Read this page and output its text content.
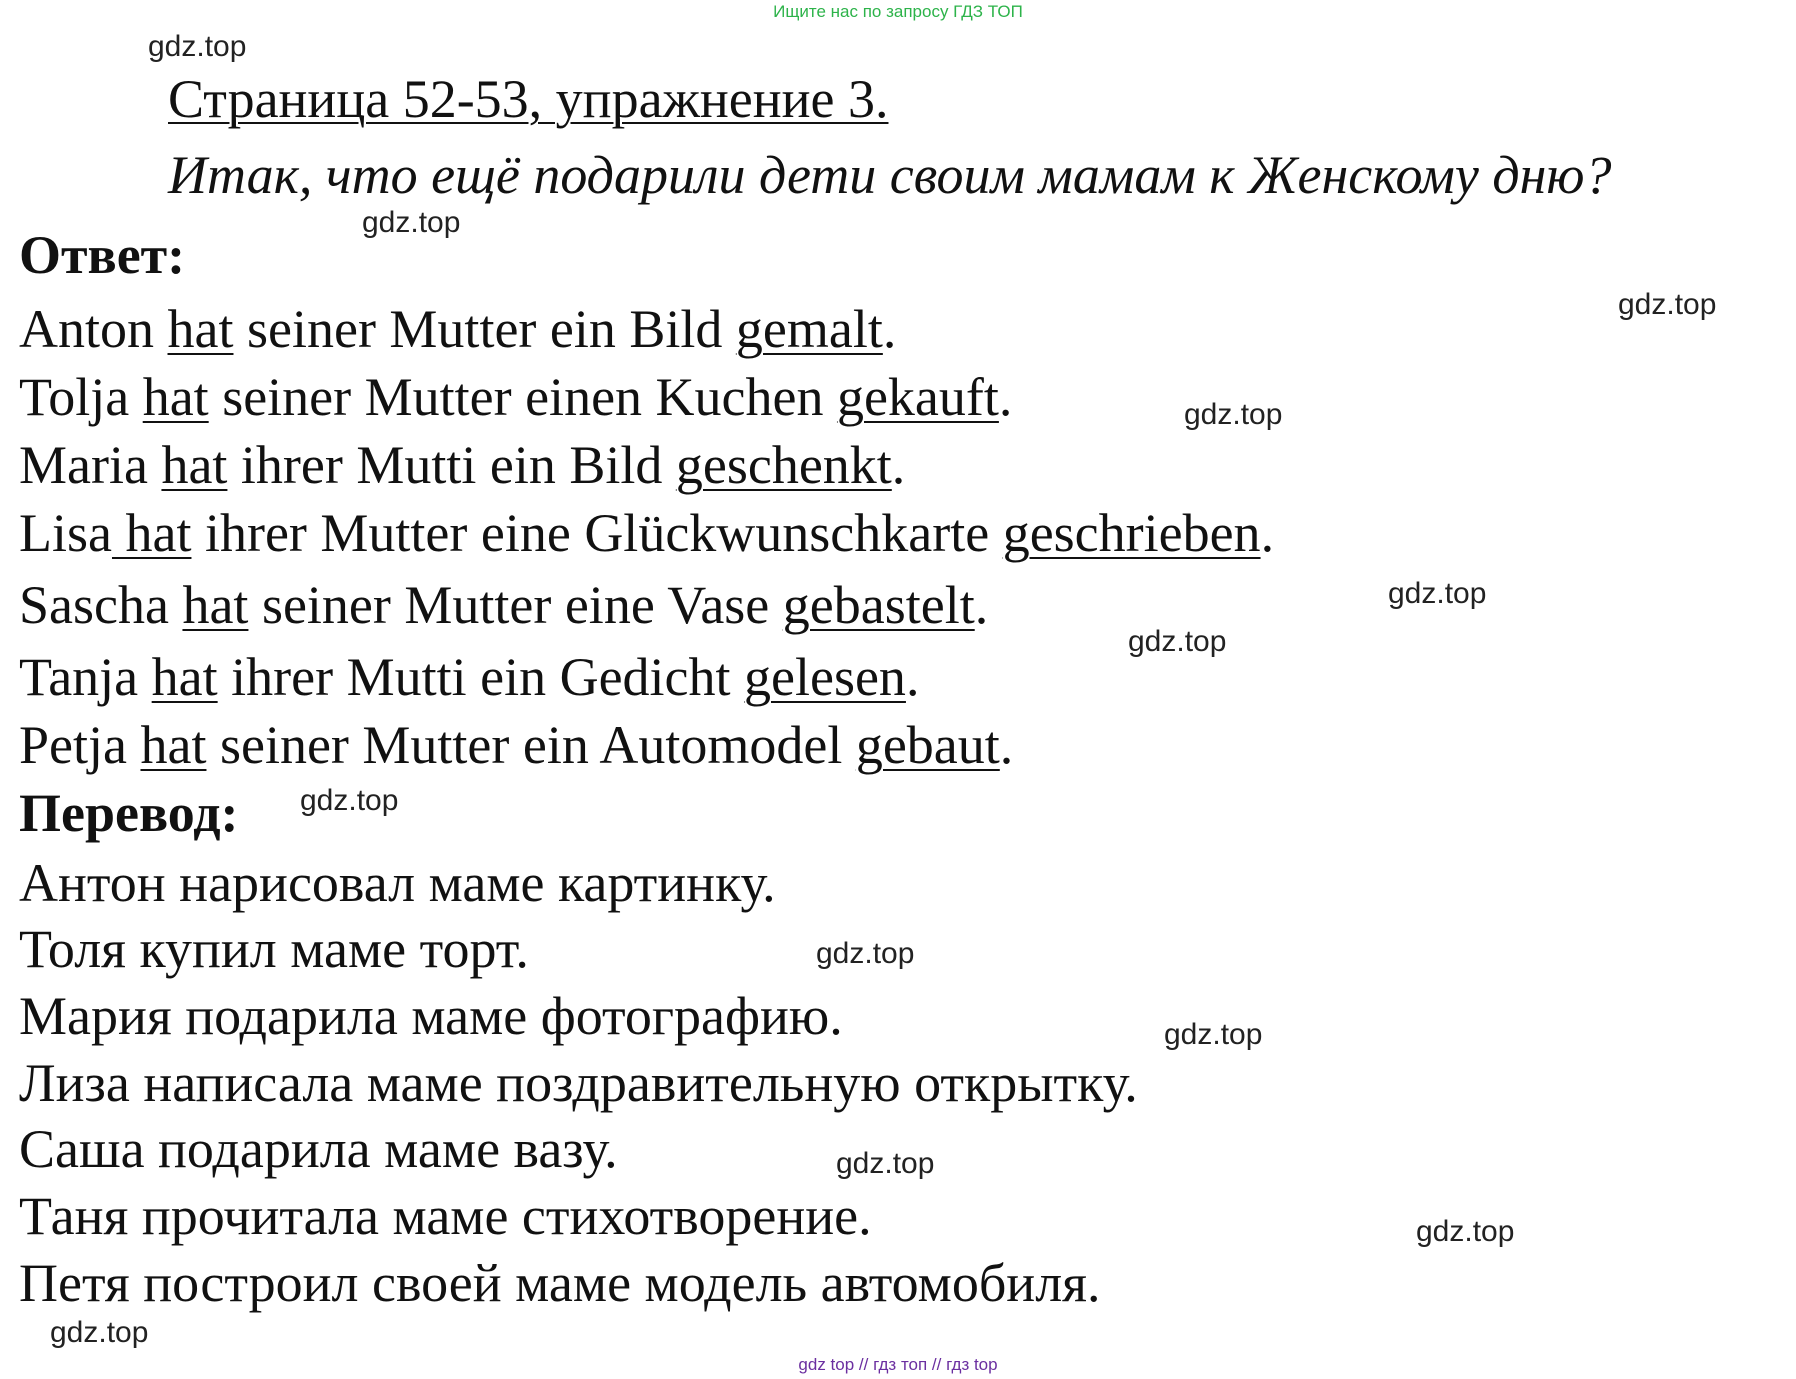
Ищите нас по запросу ГДЗ ТОП
gdz.top
gdz.top
gdz.top
gdz.top
gdz.top
gdz.top
gdz.top
gdz.top
gdz.top
gdz.top
gdz.top
gdz.top
Страница 52-53, упражнение 3.
Итак, что ещё подарили дети своим мамам к Женскому дню?
Ответ:
Anton hat seiner Mutter ein Bild gemalt.
Tolja hat seiner Mutter einen Kuchen gekauft.
Maria hat ihrer Mutti ein Bild geschenkt.
Lisa hat ihrer Mutter eine Glückwunschkarte geschrieben.
Sascha hat seiner Mutter eine Vase gebastelt.
Tanja hat ihrer Mutti ein Gedicht gelesen.
Petja hat seiner Mutter ein Automodel gebaut.
Перевод:
Антон нарисовал маме картинку.
Толя купил маме торт.
Мария подарила маме фотографию.
Лиза написала маме поздравительную открытку.
Саша подарила маме вазу.
Таня прочитала маме стихотворение.
Петя построил своей маме модель автомобиля.
gdz top // гдз топ // гдз top
